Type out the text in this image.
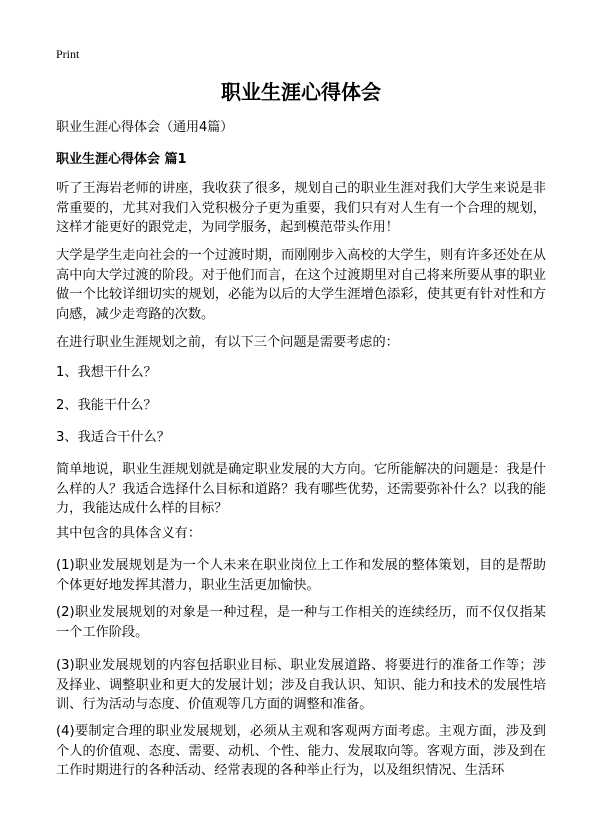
Print
职业生涯心得体会
职业生涯心得体会（通用4篇）
职业生涯心得体会 篇1

听了王海岩老师的讲座，我收获了很多，规划自己的职业生涯对我们大学生来说是非常重要的，尤其对我们入党积极分子更为重要，我们只有对人生有一个合理的规划，这样才能更好的跟党走，为同学服务，起到模范带头作用！

大学是学生走向社会的一个过渡时期，而刚刚步入高校的大学生，则有许多还处在从高中向大学过渡的阶段。对于他们而言，在这个过渡期里对自己将来所要从事的职业做一个比较详细切实的规划，必能为以后的大学生涯增色添彩，使其更有针对性和方向感，减少走弯路的次数。

在进行职业生涯规划之前，有以下三个问题是需要考虑的：

1、我想干什么？

2、我能干什么？

3、我适合干什么？

简单地说，职业生涯规划就是确定职业发展的大方向。它所能解决的问题是：我是什么样的人？我适合选择什么目标和道路？我有哪些优势，还需要弥补什么？以我的能力，我能达成什么样的目标？

其中包含的具体含义有：

(1)职业发展规划是为一个人未来在职业岗位上工作和发展的整体策划，目的是帮助个体更好地发挥其潜力，职业生活更加愉快。

(2)职业发展规划的对象是一种过程，是一种与工作相关的连续经历，而不仅仅指某一个工作阶段。

(3)职业发展规划的内容包括职业目标、职业发展道路、将要进行的准备工作等；涉及择业、调整职业和更大的发展计划；涉及自我认识、知识、能力和技术的发展性培训、行为活动与态度、价值观等几方面的调整和准备。

(4)要制定合理的职业发展规划，必须从主观和客观两方面考虑。主观方面，涉及到个人的价值观、态度、需要、动机、个性、能力、发展取向等。客观方面，涉及到在工作时期进行的各种活动、经常表现的各种举止行为，以及组织情况、生活环
